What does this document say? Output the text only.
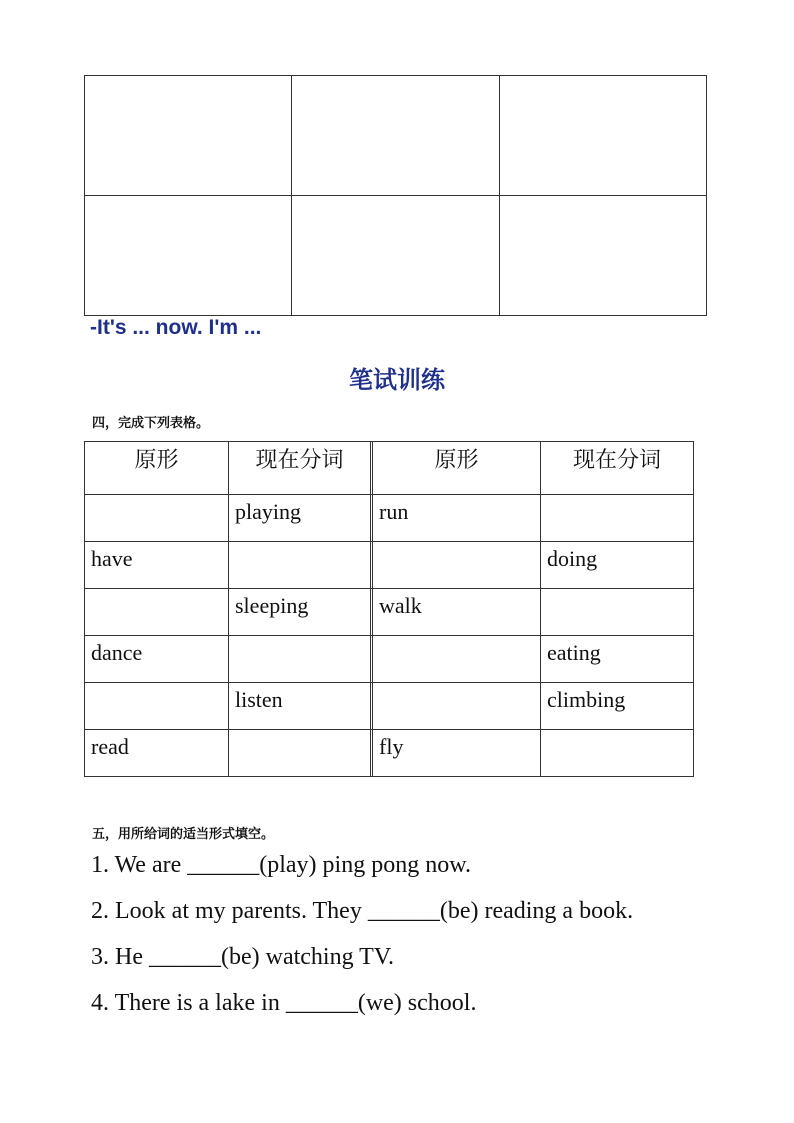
-It's ... now. I'm ...
笔试训练
四，完成下列表格。
原形	现在分词		原形	现在分词
	playing		run	
have				doing
	sleeping		walk	
dance				eating
	listen			climbing
read			fly	
五，用所给词的适当形式填空。
1. We are ______(play) ping pong now.
2. Look at my parents. They ______(be) reading a book.
3. He ______(be) watching TV.
4. There is a lake in ______(we) school.
